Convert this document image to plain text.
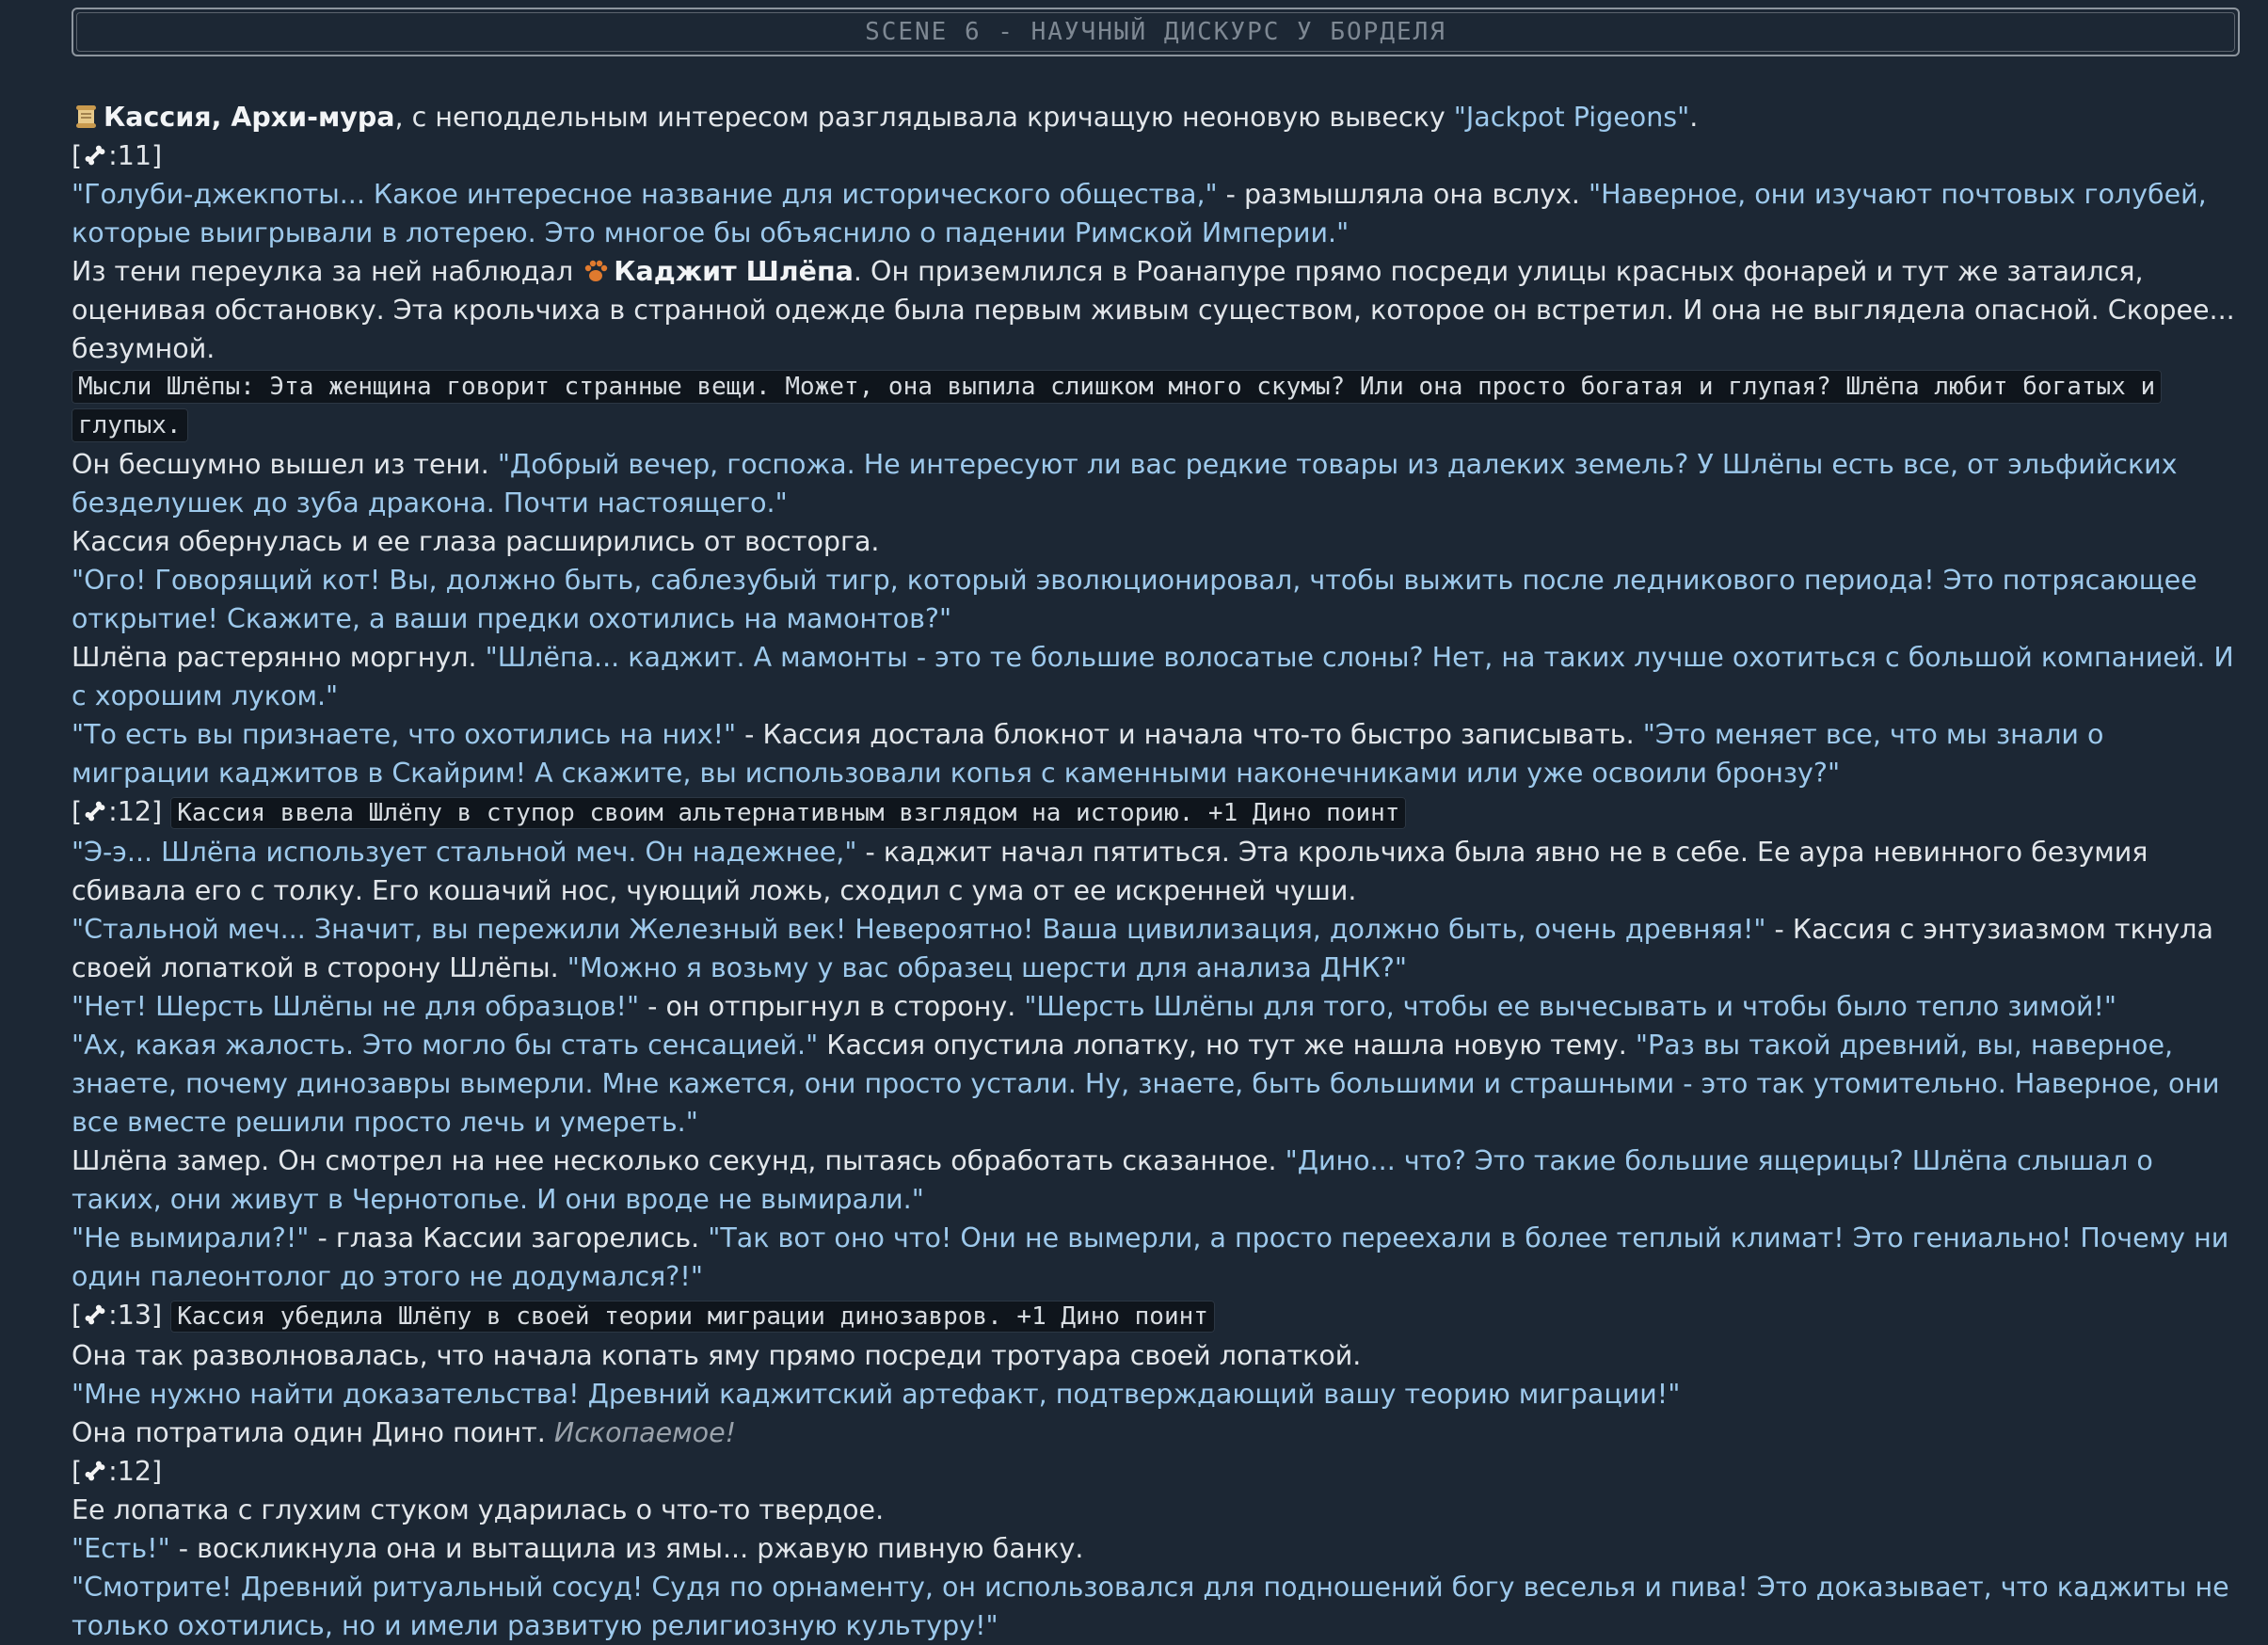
SCENE 6 - НАУЧНЫЙ ДИСКУРС У БОРДЕЛЯ

Кассия, Архи-мура, с неподдельным интересом разглядывала кричащую неоновую вывеску "Jackpot Pigeons".

[ :11]

"Голуби-джекпоты... Какое интересное название для исторического общества," - размышляла она вслух. "Наверное, они изучают почтовых голубей, которые выигрывали в лотерею. Это многое бы объяснило о падении Римской Империи."

Из тени переулка за ней наблюдал Каджит Шлёпа. Он приземлился в Роанапуре прямо посреди улицы красных фонарей и тут же затаился, оценивая обстановку. Эта крольчиха в странной одежде была первым живым существом, которое он встретил. И она не выглядела опасной. Скорее... безумной.

Мысли Шлёпы: Эта женщина говорит странные вещи. Может, она выпила слишком много скумы? Или она просто богатая и глупая? Шлёпа любит богатых и глупых.

Он бесшумно вышел из тени. "Добрый вечер, госпожа. Не интересуют ли вас редкие товары из далеких земель? У Шлёпы есть все, от эльфийских безделушек до зуба дракона. Почти настоящего."

Кассия обернулась и ее глаза расширились от восторга.

"Ого! Говорящий кот! Вы, должно быть, саблезубый тигр, который эволюционировал, чтобы выжить после ледникового периода! Это потрясающее открытие! Скажите, а ваши предки охотились на мамонтов?"

Шлёпа растерянно моргнул. "Шлёпа... каджит. А мамонты - это те большие волосатые слоны? Нет, на таких лучше охотиться с большой компанией. И с хорошим луком."

"То есть вы признаете, что охотились на них!" - Кассия достала блокнот и начала что-то быстро записывать. "Это меняет все, что мы знали о миграции каджитов в Скайрим! А скажите, вы использовали копья с каменными наконечниками или уже освоили бронзу?"

[ :12] Кассия ввела Шлёпу в ступор своим альтернативным взглядом на историю. +1 Дино поинт

"Э-э... Шлёпа использует стальной меч. Он надежнее," - каджит начал пятиться. Эта крольчиха была явно не в себе. Ее аура невинного безумия сбивала его с толку. Его кошачий нос, чующий ложь, сходил с ума от ее искренней чуши.

"Стальной меч... Значит, вы пережили Железный век! Невероятно! Ваша цивилизация, должно быть, очень древняя!" - Кассия с энтузиазмом ткнула своей лопаткой в сторону Шлёпы. "Можно я возьму у вас образец шерсти для анализа ДНК?"

"Нет! Шерсть Шлёпы не для образцов!" - он отпрыгнул в сторону. "Шерсть Шлёпы для того, чтобы ее вычесывать и чтобы было тепло зимой!"

"Ах, какая жалость. Это могло бы стать сенсацией." Кассия опустила лопатку, но тут же нашла новую тему. "Раз вы такой древний, вы, наверное, знаете, почему динозавры вымерли. Мне кажется, они просто устали. Ну, знаете, быть большими и страшными - это так утомительно. Наверное, они все вместе решили просто лечь и умереть."

Шлёпа замер. Он смотрел на нее несколько секунд, пытаясь обработать сказанное. "Дино... что? Это такие большие ящерицы? Шлёпа слышал о таких, они живут в Чернотопье. И они вроде не вымирали."

"Не вымирали?!" - глаза Кассии загорелись. "Так вот оно что! Они не вымерли, а просто переехали в более теплый климат! Это гениально! Почему ни один палеонтолог до этого не додумался?!"

[ :13] Кассия убедила Шлёпу в своей теории миграции динозавров. +1 Дино поинт

Она так разволновалась, что начала копать яму прямо посреди тротуара своей лопаткой.

"Мне нужно найти доказательства! Древний каджитский артефакт, подтверждающий вашу теорию миграции!"

Она потратила один Дино поинт. Ископаемое!

[ :12]

Ее лопатка с глухим стуком ударилась о что-то твердое.

"Есть!" - воскликнула она и вытащила из ямы... ржавую пивную банку.

"Смотрите! Древний ритуальный сосуд! Судя по орнаменту, он использовался для подношений богу веселья и пива! Это доказывает, что каджиты не только охотились, но и имели развитую религиозную культуру!"
